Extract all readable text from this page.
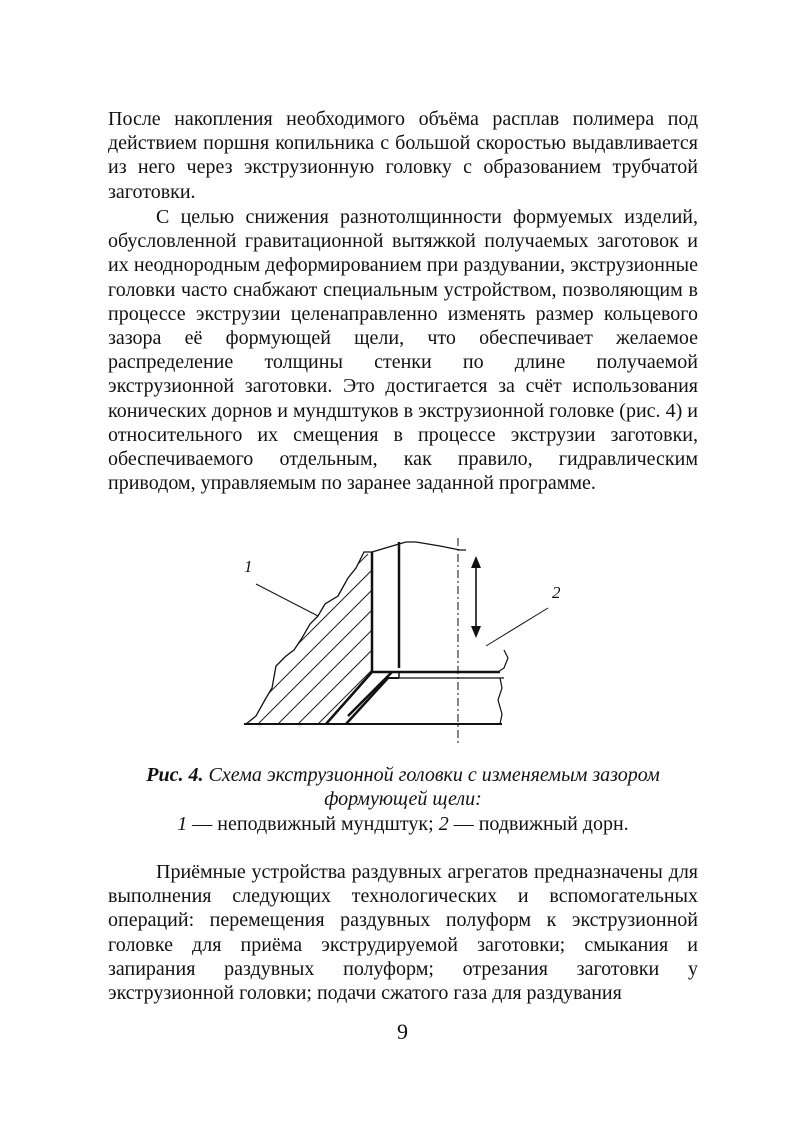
После накопления необходимого объёма расплав полимера под действием поршня копильника с большой скоростью выдавливается из него через экструзионную головку с образованием трубчатой заготовки.

С целью снижения разнотолщинности формуемых изделий, обусловленной гравитационной вытяжкой получаемых заготовок и их неоднородным деформированием при раздувании, экструзионные головки часто снабжают специальным устройством, позволяющим в процессе экструзии целенаправленно изменять размер кольцевого зазора её формующей щели, что обеспечивает желаемое распределение толщины стенки по длине получаемой экструзионной заготовки. Это достигается за счёт использования конических дорнов и мундштуков в экструзионной головке (рис. 4) и относительного их смещения в процессе экструзии заготовки, обеспечиваемого отдельным, как правило, гидравлическим приводом, управляемым по заранее заданной программе.

1
2
Рис. 4. Схема экструзионной головки с изменяемым зазором
формующей щели:
1 — неподвижный мундштук; 2 — подвижный дорн.

Приёмные устройства раздувных агрегатов предназначены для выполнения следующих технологических и вспомогательных операций: перемещения раздувных полуформ к экструзионной головке для приёма экструдируемой заготовки; смыкания и запирания раздувных полуформ; отрезания заготовки у экструзионной головки; подачи сжатого газа для раздувания

9
